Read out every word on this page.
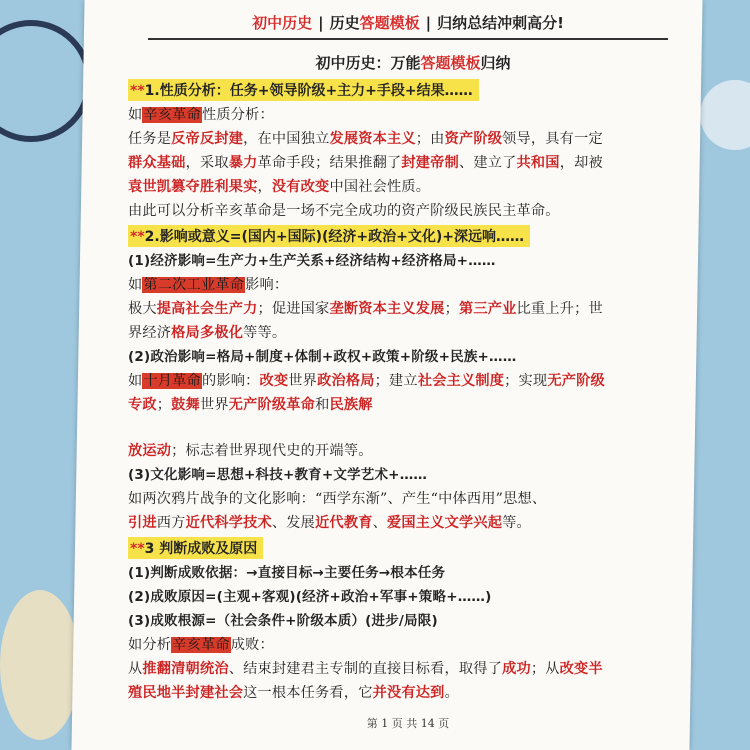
初中历史 | 历史 答题模板 | 归纳总结冲刺高分!
初中历史：万能答题模板归纳
**1.性质分析：任务+领导阶级+主力+手段+结果……
如辛亥革命性质分析：
任务是反帝反封建，在中国独立发展资本主义；由资产阶级领导，具有一定
群众基础，采取暴力革命手段；结果推翻了封建帝制、建立了共和国，却被
袁世凯篡夺胜利果实，没有改变中国社会性质。
由此可以分析辛亥革命是一场不完全成功的资产阶级民族民主革命。
**2.影响或意义=(国内+国际)(经济+政治+文化)+深远响……
(1)经济影响=生产力+生产关系+经济结构+经济格局+……
如第二次工业革命影响：
极大提高社会生产力；促进国家垄断资本主义发展；第三产业比重上升；世
界经济格局多极化等等。
(2)政治影响=格局+制度+体制+政权+政策+阶级+民族+……
如十月革命的影响：改变世界政治格局；建立社会主义制度；实现无产阶级
专政；鼓舞世界无产阶级革命和民族解
放运动；标志着世界现代史的开端等。
(3)文化影响=思想+科技+教育+文学艺术+……
如两次鸦片战争的文化影响：“西学东渐”、产生“中体西用”思想、
引进西方近代科学技术、发展近代教育、爱国主义文学兴起等。
**3 判断成败及原因
(1)判断成败依据：→直接目标→主要任务→根本任务
(2)成败原因=(主观+客观)(经济+政治+军事+策略+……)
(3)成败根源=（社会条件+阶级本质）(进步/局限)
如分析辛亥革命成败：
从推翻清朝统治、结束封建君主专制的直接目标看，取得了成功；从改变半
殖民地半封建社会这一根本任务看，它并没有达到。
第 1 页 共 14 页
